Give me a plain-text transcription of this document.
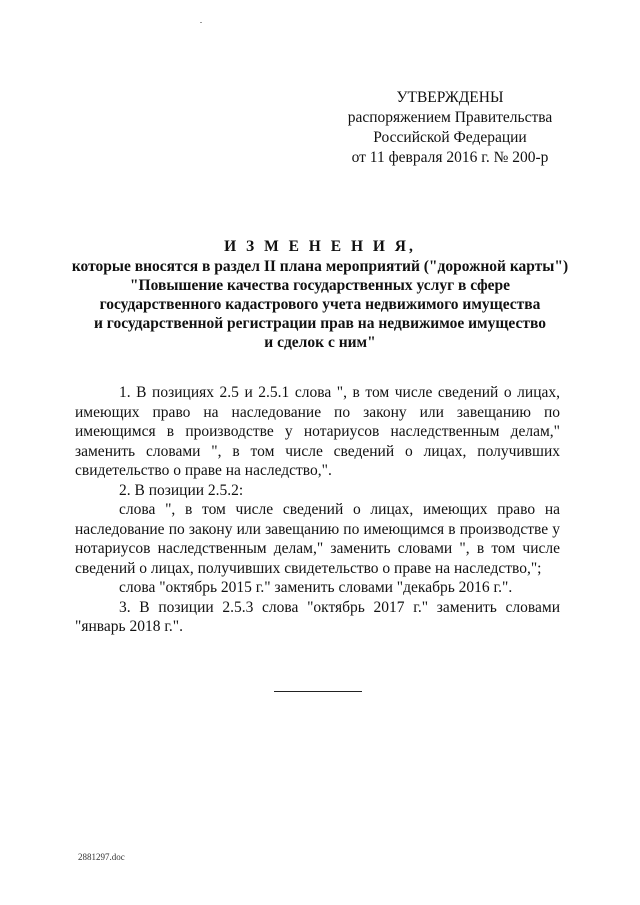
УТВЕРЖДЕНЫ
распоряжением Правительства
Российской Федерации
от 11 февраля 2016 г. № 200-р
И З М Е Н Е Н И Я,
которые вносятся в раздел II плана мероприятий ("дорожной карты")
"Повышение качества государственных услуг в сфере
государственного кадастрового учета недвижимого имущества
и государственной регистрации прав на недвижимое имущество
и сделок с ним"

1. В позициях 2.5 и 2.5.1 слова ", в том числе сведений о лицах, имеющих право на наследование по закону или завещанию по имеющимся в производстве у нотариусов наследственным делам," заменить словами ", в том числе сведений о лицах, получивших свидетельство о праве на наследство,".

2. В позиции 2.5.2:

слова ", в том числе сведений о лицах, имеющих право на наследование по закону или завещанию по имеющимся в производстве у нотариусов наследственным делам," заменить словами ", в том числе сведений о лицах, получивших свидетельство о праве на наследство,";

слова "октябрь 2015 г." заменить словами "декабрь 2016 г.".

3. В позиции 2.5.3 слова "октябрь 2017 г." заменить словами "январь 2018 г.".

2881297.doc
